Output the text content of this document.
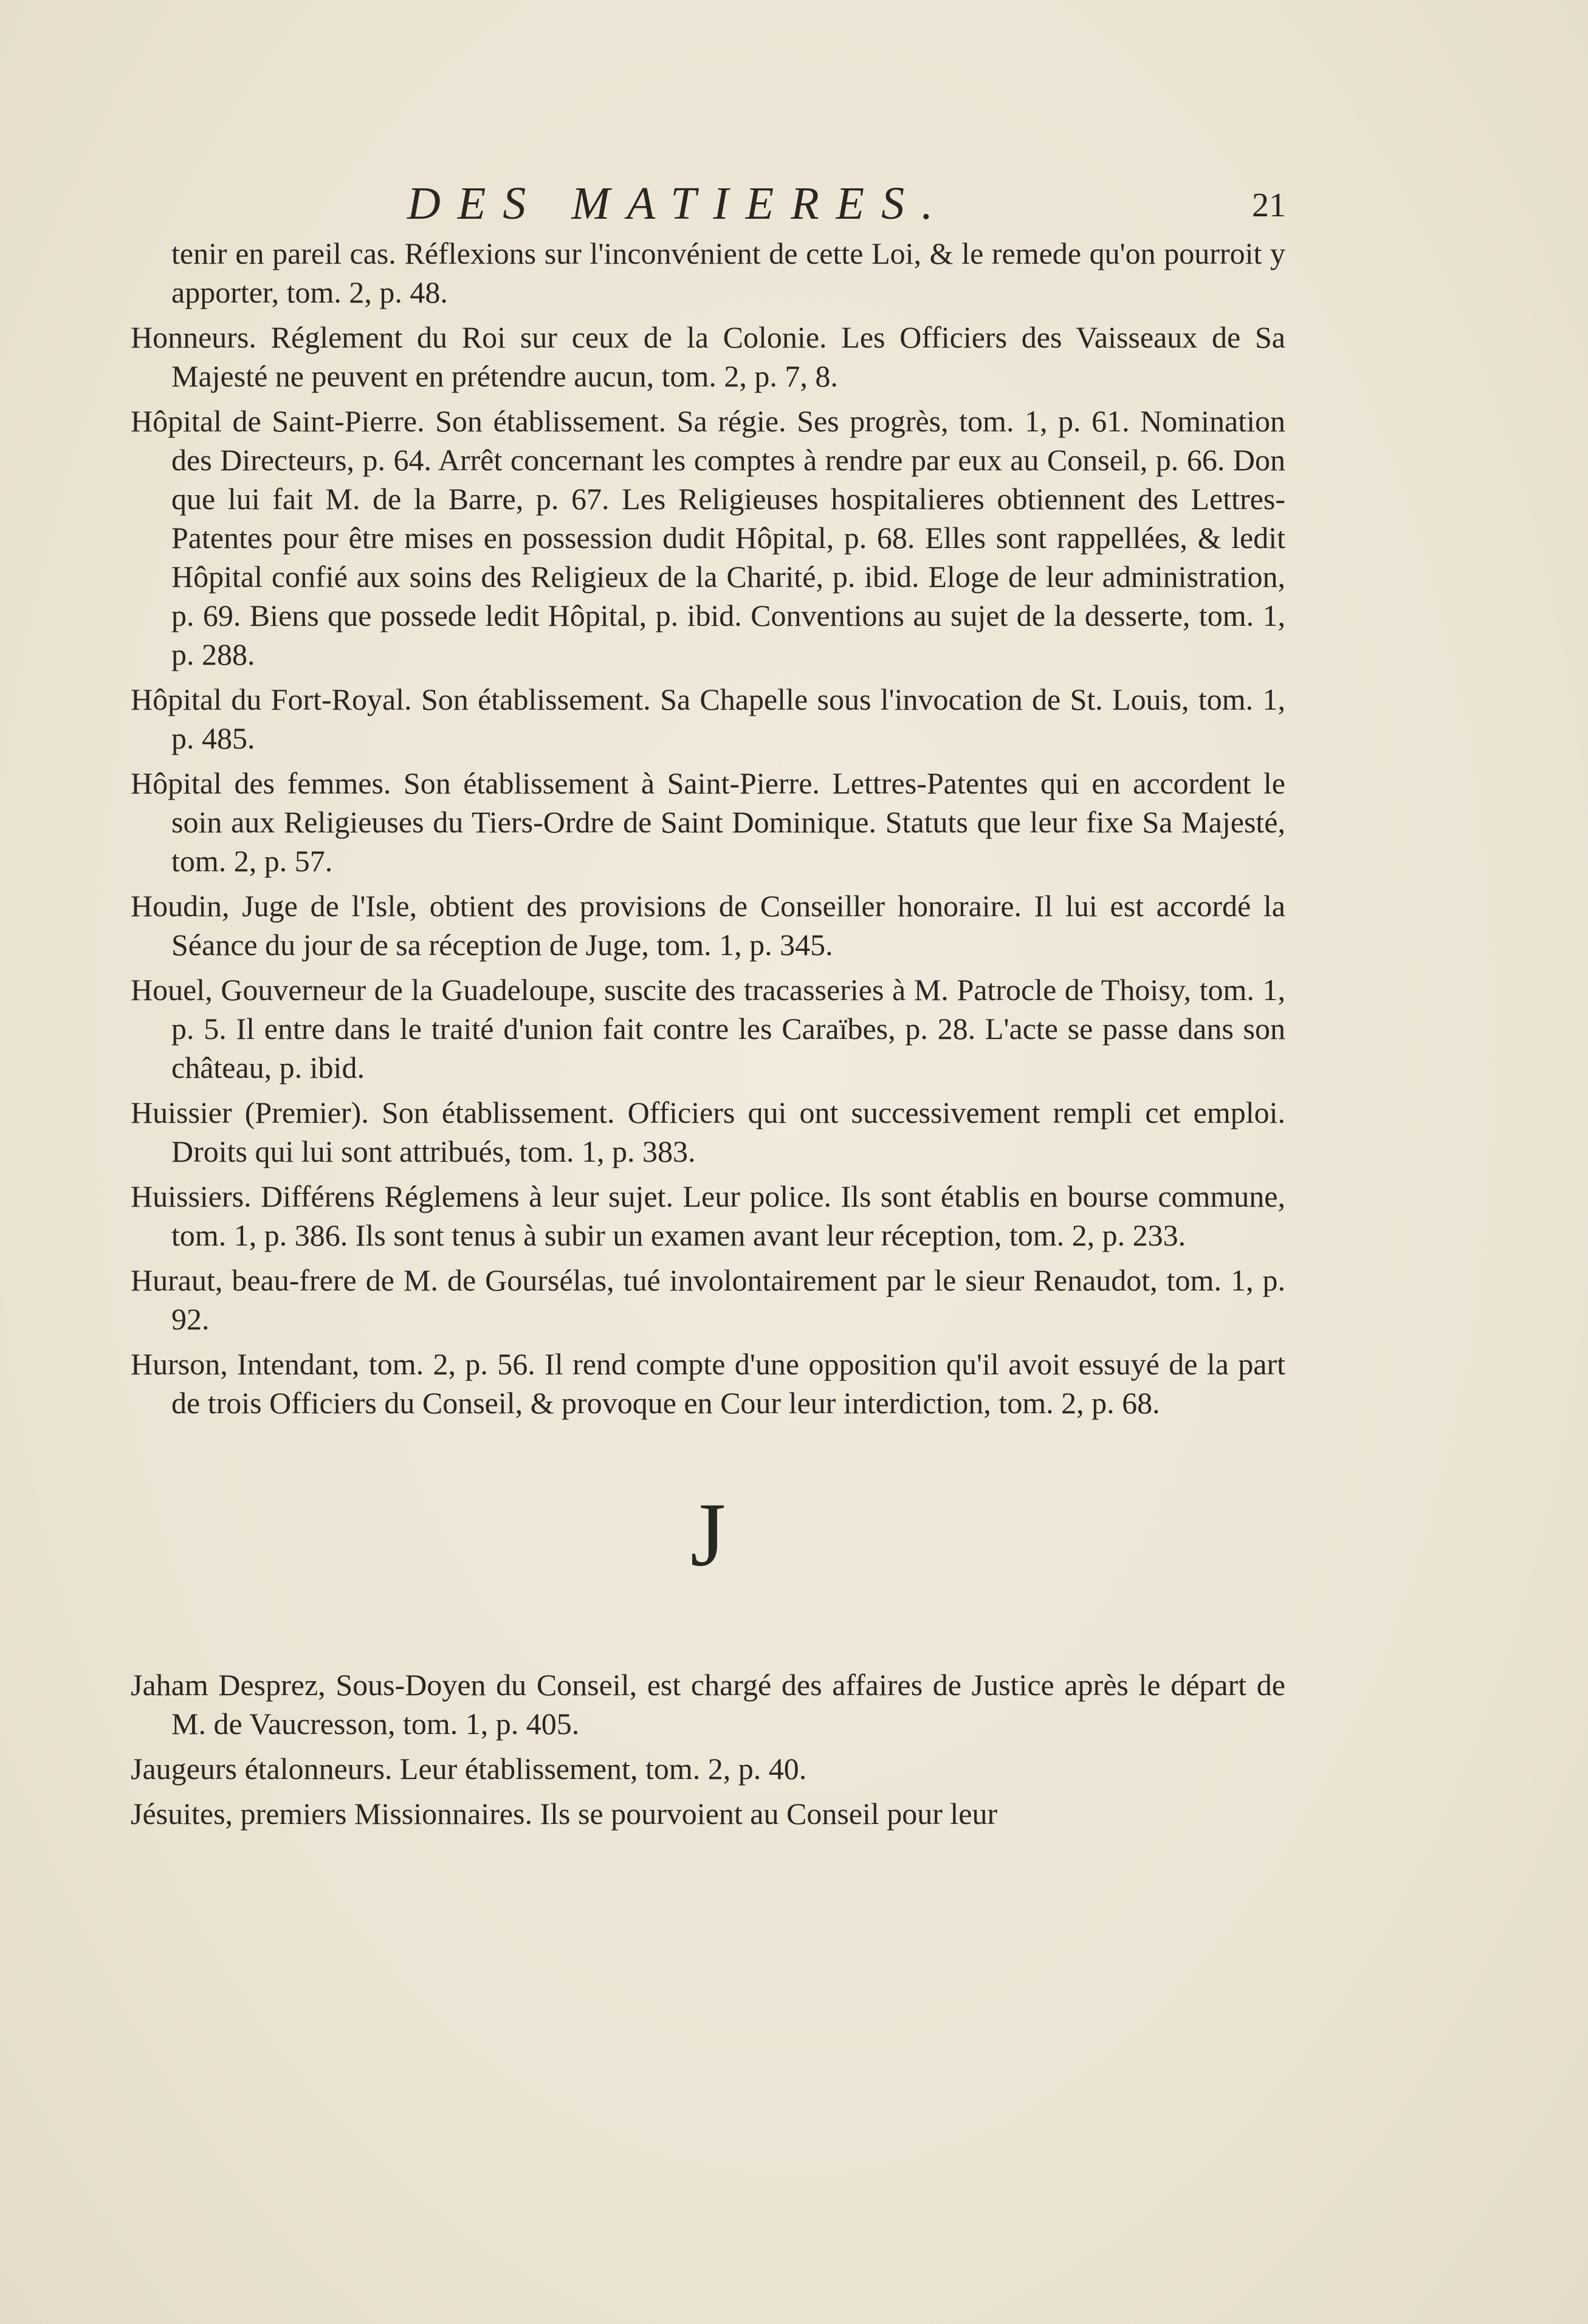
DES MATIERES.	21

tenir en pareil cas. Réflexions sur l'inconvénient de cette Loi, & le remede qu'on pourroit y apporter, tom. 2, p. 48.

Honneurs. Réglement du Roi sur ceux de la Colonie. Les Officiers des Vaisseaux de Sa Majesté ne peuvent en prétendre aucun, tom. 2, p. 7, 8.

Hôpital de Saint-Pierre. Son établissement. Sa régie. Ses progrès, tom. 1, p. 61. Nomination des Directeurs, p. 64. Arrêt concernant les comptes à rendre par eux au Conseil, p. 66. Don que lui fait M. de la Barre, p. 67. Les Religieuses hospitalieres obtiennent des Lettres-Patentes pour être mises en possession dudit Hôpital, p. 68. Elles sont rappellées, & ledit Hôpital confié aux soins des Religieux de la Charité, p. ibid. Eloge de leur administration, p. 69. Biens que possede ledit Hôpital, p. ibid. Conventions au sujet de la desserte, tom. 1, p. 288.

Hôpital du Fort-Royal. Son établissement. Sa Chapelle sous l'invocation de St. Louis, tom. 1, p. 485.

Hôpital des femmes. Son établissement à Saint-Pierre. Lettres-Patentes qui en accordent le soin aux Religieuses du Tiers-Ordre de Saint Dominique. Statuts que leur fixe Sa Majesté, tom. 2, p. 57.

Houdin, Juge de l'Isle, obtient des provisions de Conseiller honoraire. Il lui est accordé la Séance du jour de sa réception de Juge, tom. 1, p. 345.

Houel, Gouverneur de la Guadeloupe, suscite des tracasseries à M. Patrocle de Thoisy, tom. 1, p. 5. Il entre dans le traité d'union fait contre les Caraïbes, p. 28. L'acte se passe dans son château, p. ibid.

Huissier (Premier). Son établissement. Officiers qui ont successivement rempli cet emploi. Droits qui lui sont attribués, tom. 1, p. 383.

Huissiers. Différens Réglemens à leur sujet. Leur police. Ils sont établis en bourse commune, tom. 1, p. 386. Ils sont tenus à subir un examen avant leur réception, tom. 2, p. 233.

Huraut, beau-frere de M. de Goursélas, tué involontairement par le sieur Renaudot, tom. 1, p. 92.

Hurson, Intendant, tom. 2, p. 56. Il rend compte d'une opposition qu'il avoit essuyé de la part de trois Officiers du Conseil, & provoque en Cour leur interdiction, tom. 2, p. 68.

J

Jaham Desprez, Sous-Doyen du Conseil, est chargé des affaires de Justice après le départ de M. de Vaucresson, tom. 1, p. 405.

Jaugeurs étalonneurs. Leur établissement, tom. 2, p. 40.

Jésuites, premiers Missionnaires. Ils se pourvoient au Conseil pour leur
